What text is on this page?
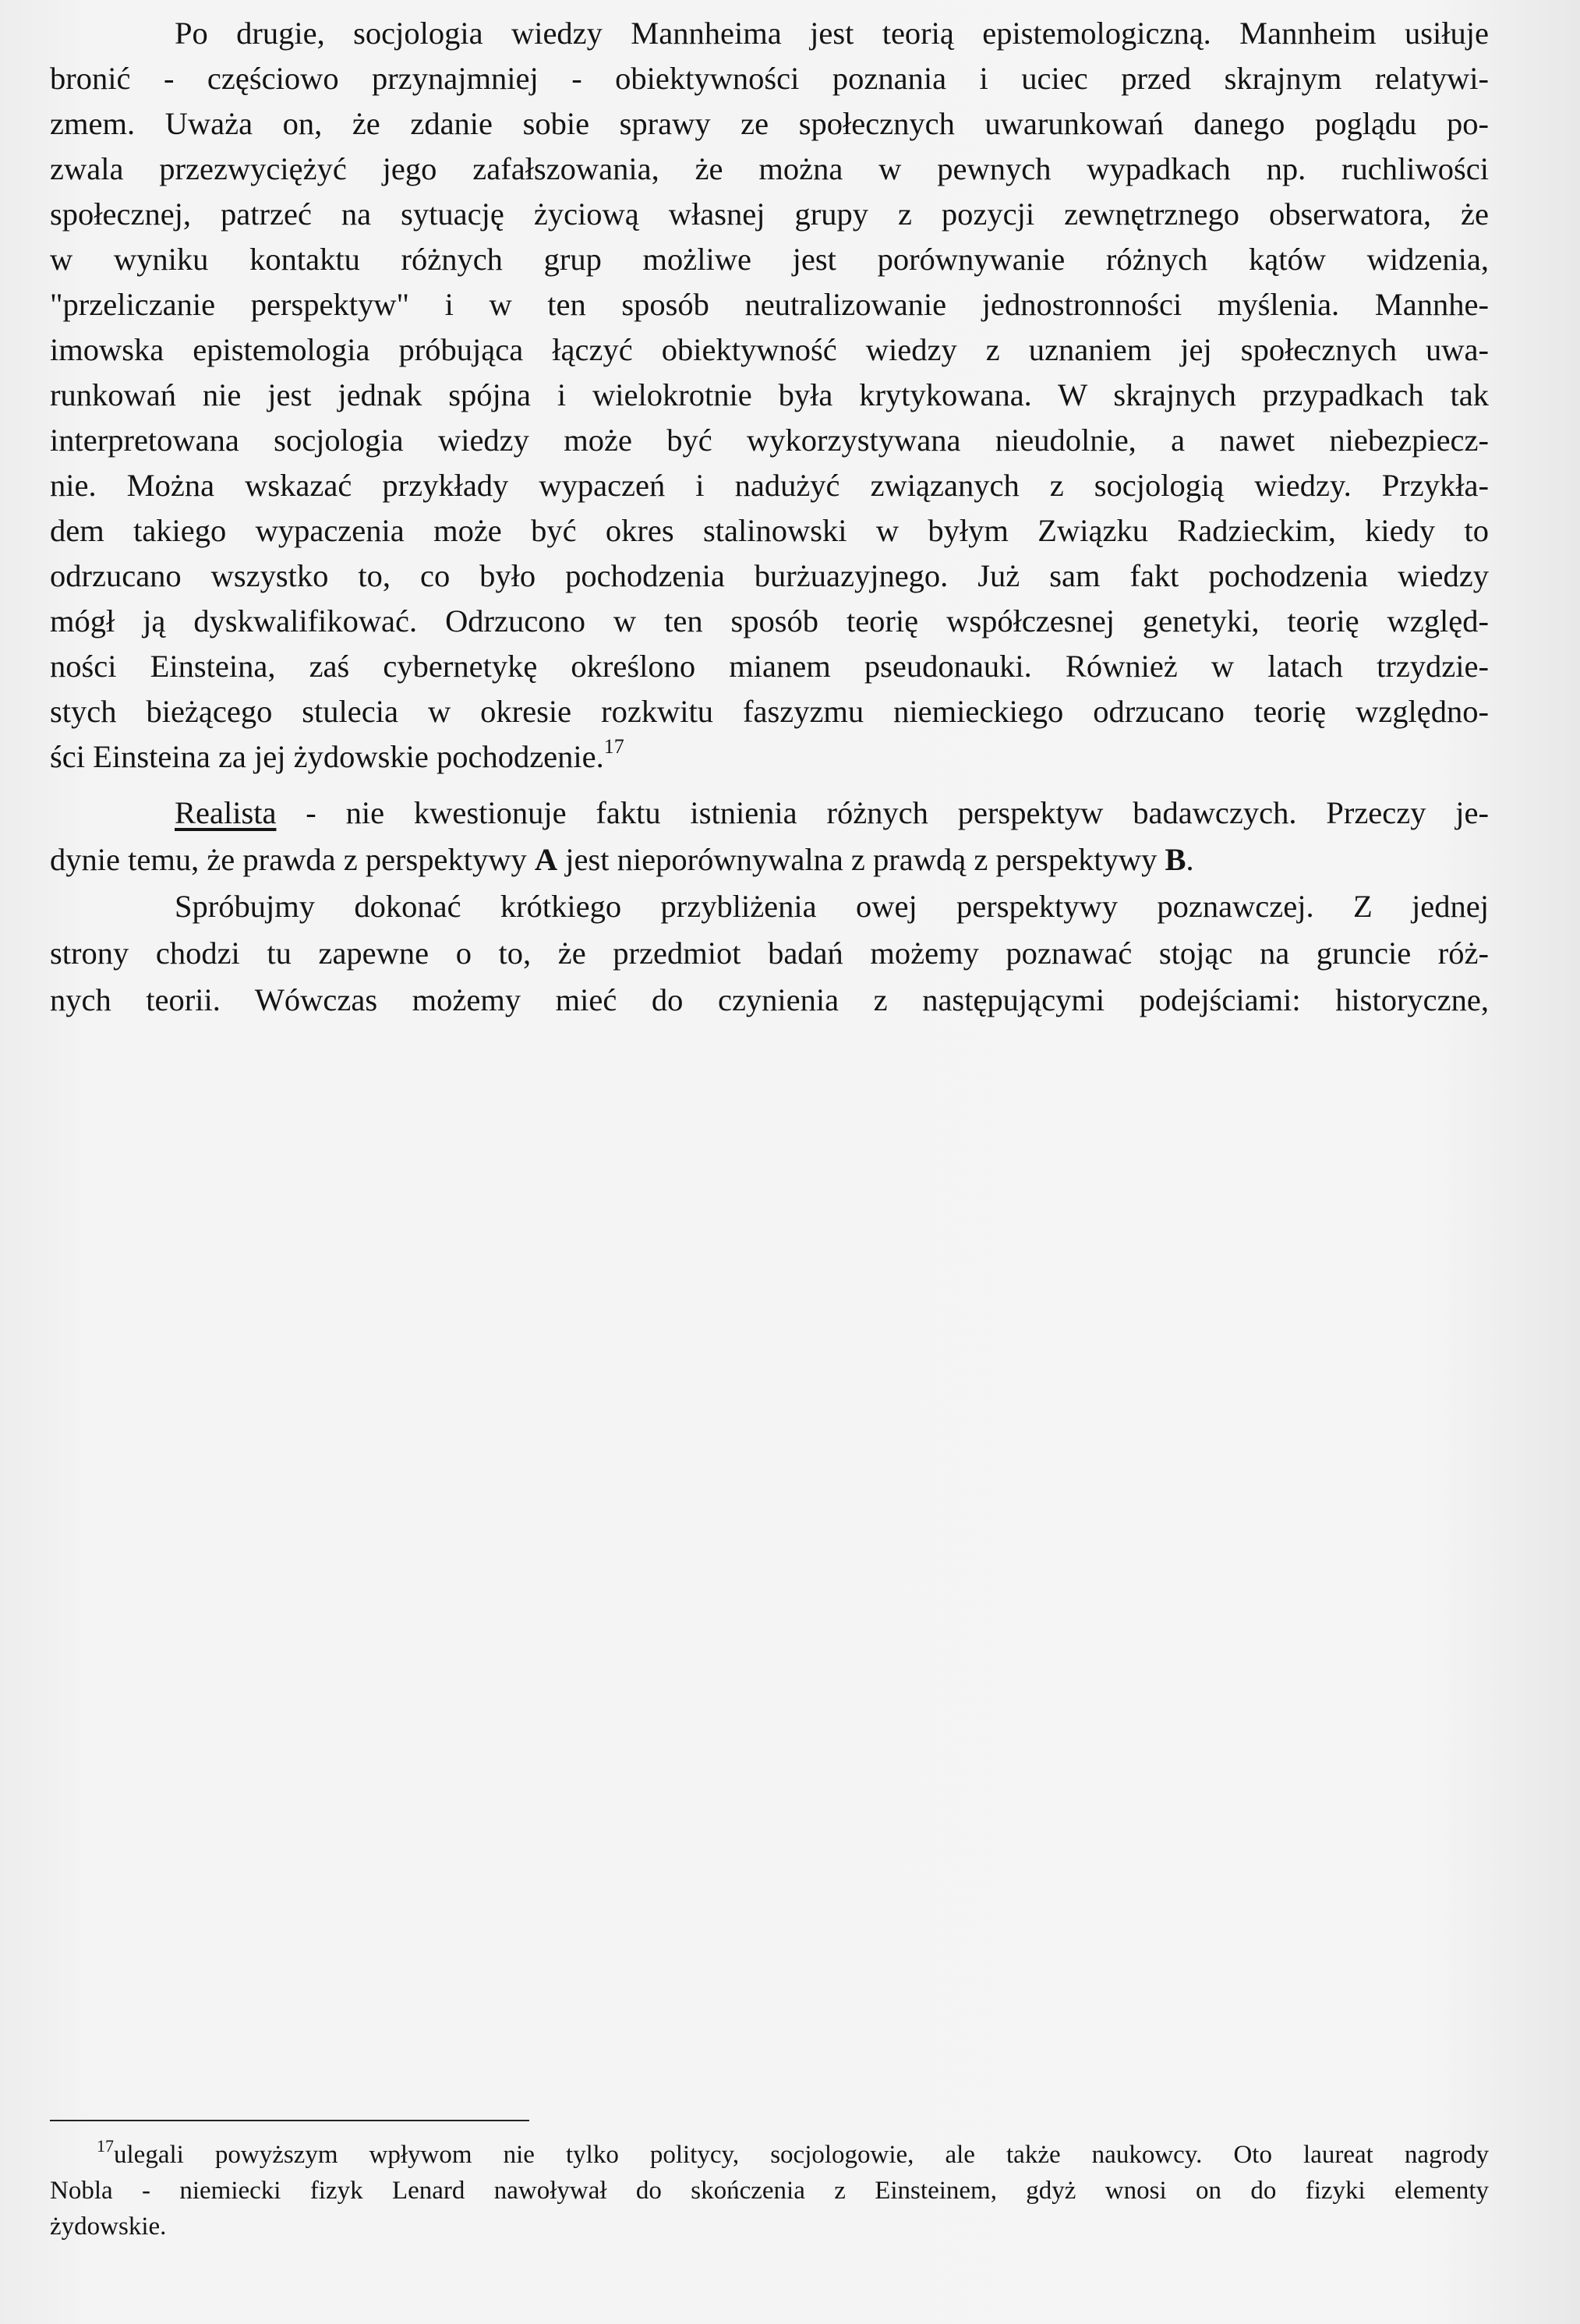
Po drugie, socjologia wiedzy Mannheima jest teorią epistemologiczną. Mannheim usiłuje
bronić - częściowo przynajmniej - obiektywności poznania i uciec przed skrajnym relatywi-
zmem. Uważa on, że zdanie sobie sprawy ze społecznych uwarunkowań danego poglądu po-
zwala przezwyciężyć jego zafałszowania, że można w pewnych wypadkach np. ruchliwości
społecznej, patrzeć na sytuację życiową własnej grupy z pozycji zewnętrznego obserwatora, że
w wyniku kontaktu różnych grup możliwe jest porównywanie różnych kątów widzenia,
"przeliczanie perspektyw" i w ten sposób neutralizowanie jednostronności myślenia. Mannhe-
imowska epistemologia próbująca łączyć obiektywność wiedzy z uznaniem jej społecznych uwa-
runkowań nie jest jednak spójna i wielokrotnie była krytykowana. W skrajnych przypadkach tak
interpretowana socjologia wiedzy może być wykorzystywana nieudolnie, a nawet niebezpiecz-
nie. Można wskazać przykłady wypaczeń i nadużyć związanych z socjologią wiedzy. Przykła-
dem takiego wypaczenia może być okres stalinowski w byłym Związku Radzieckim, kiedy to
odrzucano wszystko to, co było pochodzenia burżuazyjnego. Już sam fakt pochodzenia wiedzy
mógł ją dyskwalifikować. Odrzucono w ten sposób teorię współczesnej genetyki, teorię względ-
ności Einsteina, zaś cybernetykę określono mianem pseudonauki. Również w latach trzydzie-
stych bieżącego stulecia w okresie rozkwitu faszyzmu niemieckiego odrzucano teorię względno-
ści Einsteina za jej żydowskie pochodzenie.$^{17}$
Realista - nie kwestionuje faktu istnienia różnych perspektyw badawczych. Przeczy je-
dynie temu, że prawda z perspektywy A jest nieporównywalna z prawdą z perspektywy B.
Spróbujmy dokonać krótkiego przybliżenia owej perspektywy poznawczej. Z jednej
strony chodzi tu zapewne o to, że przedmiot badań możemy poznawać stojąc na gruncie róż-
nych teorii. Wówczas możemy mieć do czynienia z następującymi podejściami: historyczne,
$^{17}$ulegali powyższym wpływom nie tylko politycy, socjologowie, ale także naukowcy. Oto laureat nagrody
Nobla - niemiecki fizyk Lenard nawoływał do skończenia z Einsteinem, gdyż wnosi on do fizyki elementy
żydowskie.
